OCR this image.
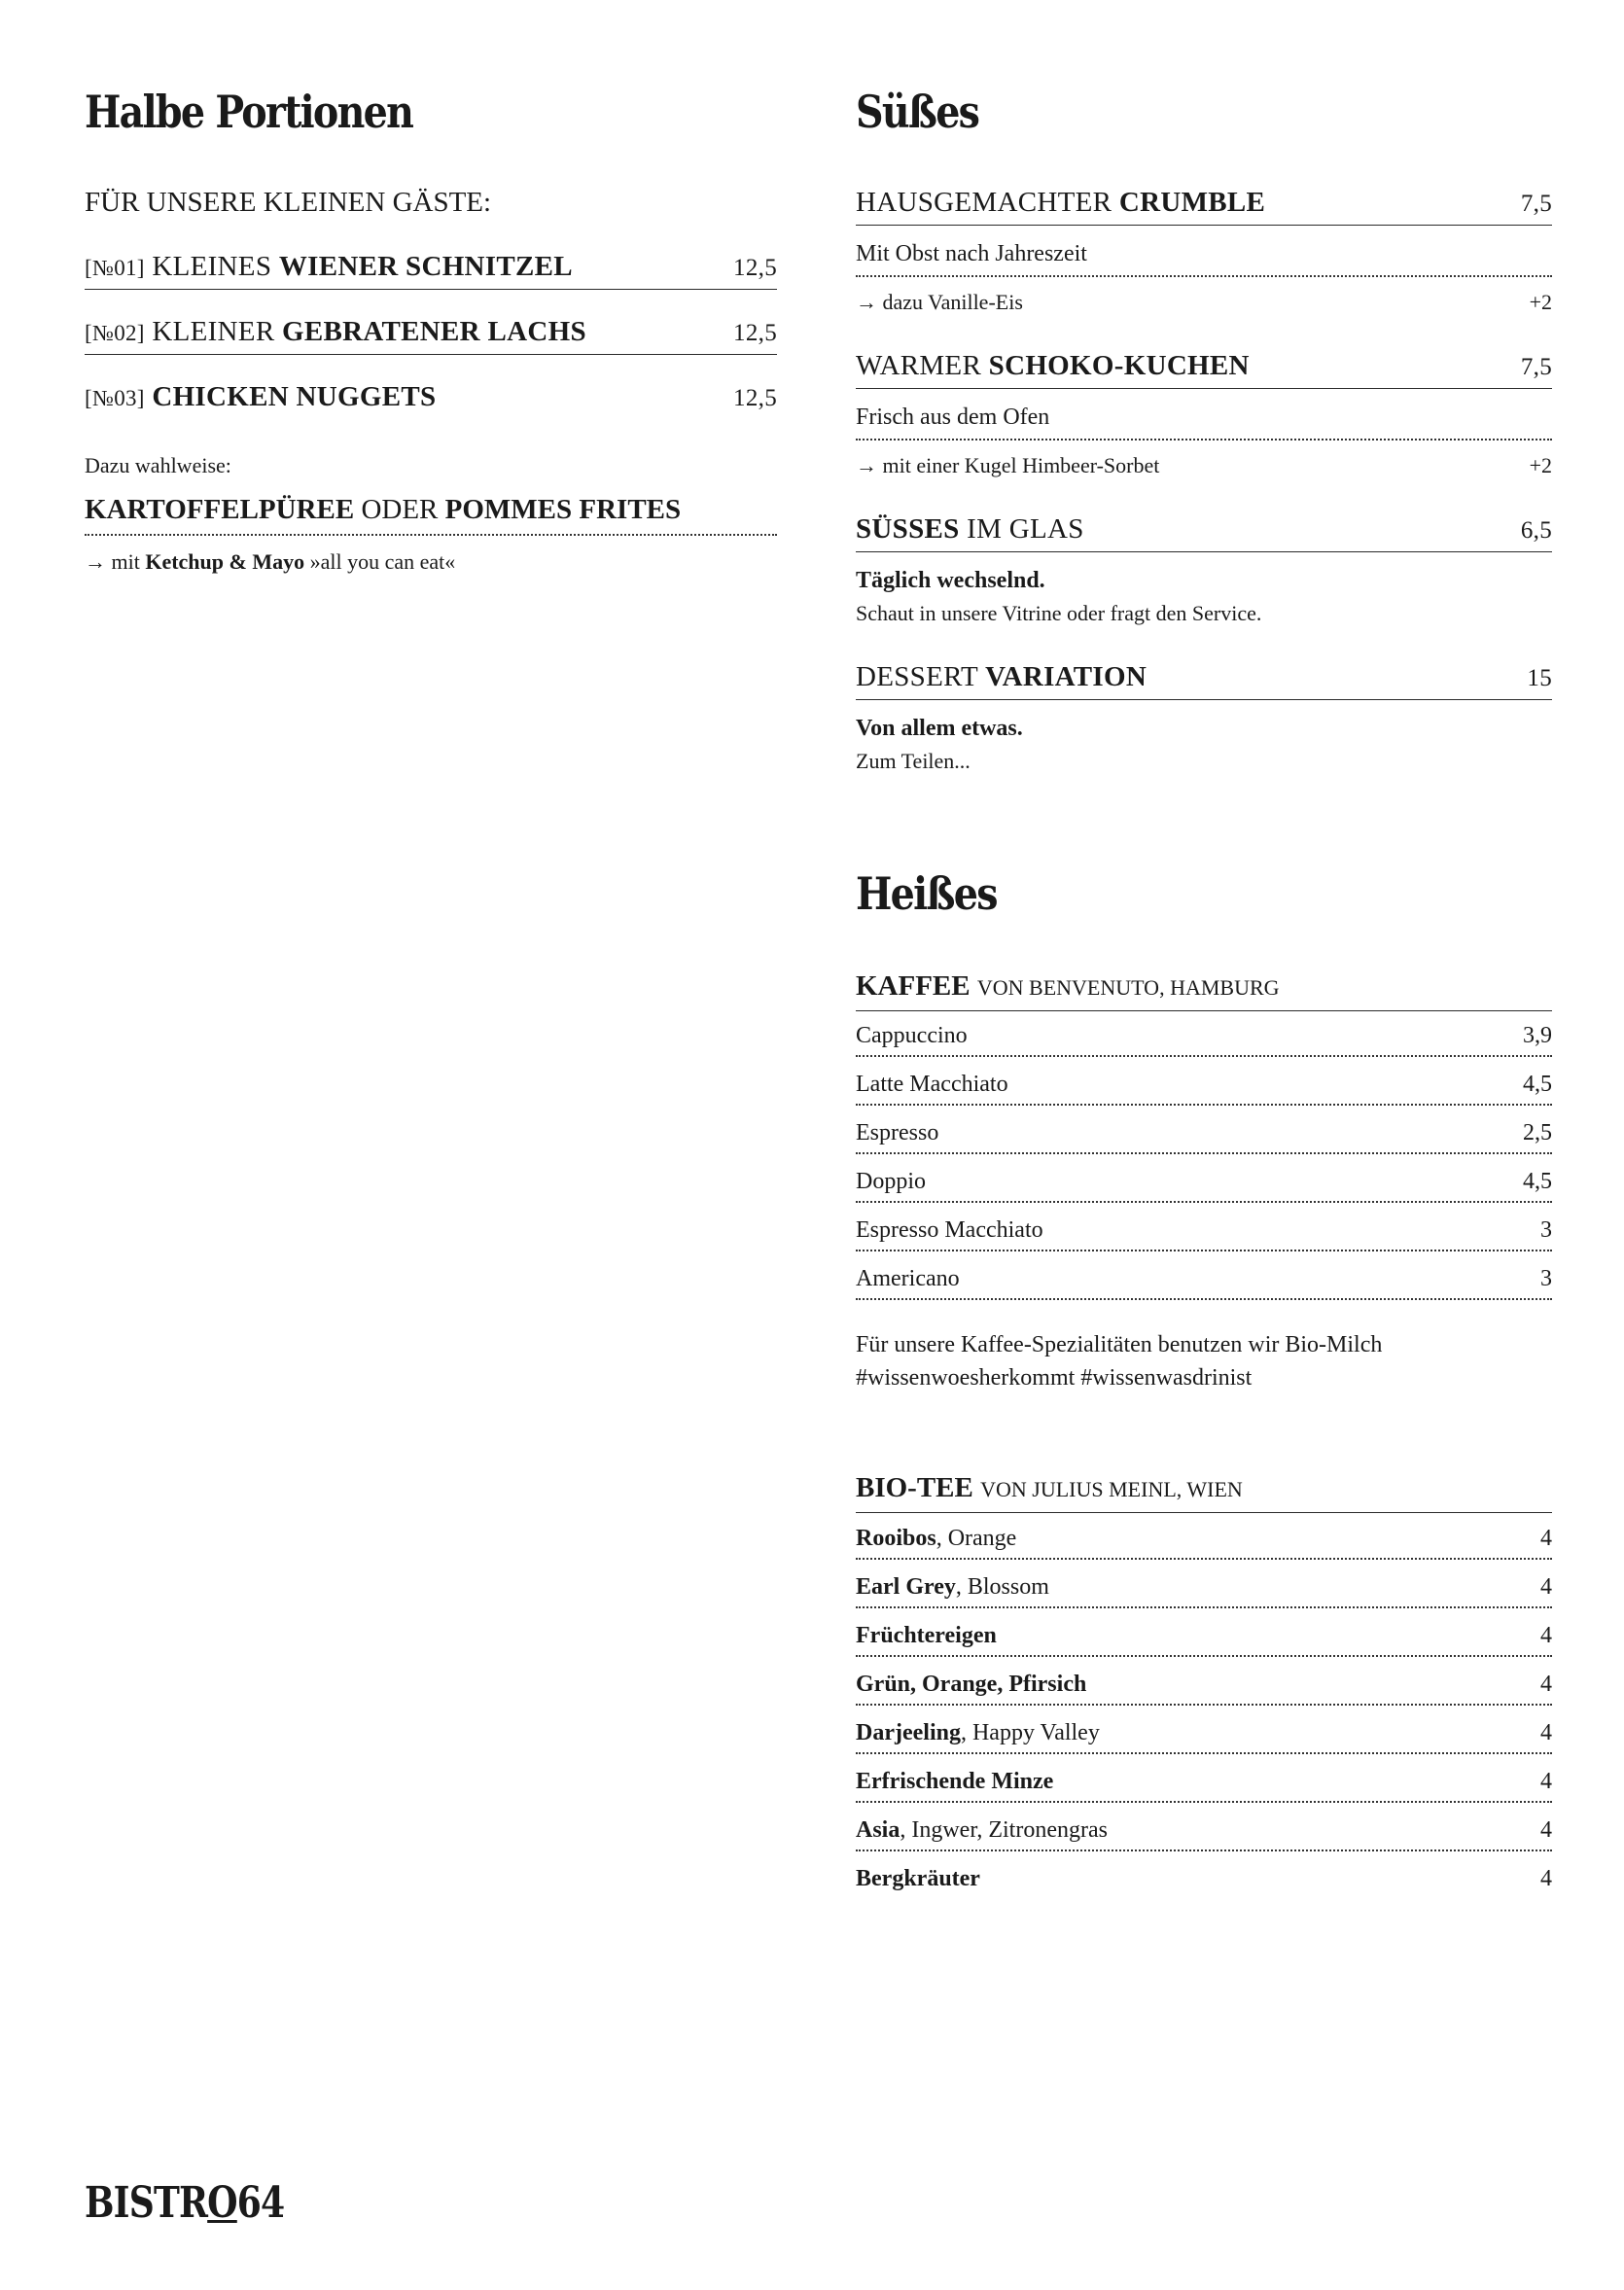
Halbe Portionen
FÜR UNSERE KLEINEN GÄSTE:
[№01] KLEINES WIENER SCHNITZEL	12,5
[№02] KLEINER GEBRATENER LACHS	12,5
[№03] CHICKEN NUGGETS	12,5
Dazu wahlweise:
KARTOFFELPÜREE ODER POMMES FRITES
→ mit Ketchup & Mayo »all you can eat«
Süßes
HAUSGEMACHTER CRUMBLE	7,5
Mit Obst nach Jahreszeit
→ dazu Vanille-Eis	+2
WARMER SCHOKO-KUCHEN	7,5
Frisch aus dem Ofen
→ mit einer Kugel Himbeer-Sorbet	+2
SÜSSES IM GLAS	6,5
Täglich wechselnd.
Schaut in unsere Vitrine oder fragt den Service.
DESSERT VARIATION	15
Von allem etwas.
Zum Teilen...
Heißes
KAFFEE VON BENVENUTO, HAMBURG
Cappuccino	3,9
Latte Macchiato	4,5
Espresso	2,5
Doppio	4,5
Espresso Macchiato	3
Americano	3
Für unsere Kaffee-Spezialitäten benutzen wir Bio-Milch
#wissenwoesherkommt #wissenwasdrinist
BIO-TEE VON JULIUS MEINL, WIEN
Rooibos, Orange	4
Earl Grey, Blossom	4
Früchtereigen	4
Grün, Orange, Pfirsich	4
Darjeeling, Happy Valley	4
Erfrischende Minze	4
Asia, Ingwer, Zitronengras	4
Bergkräuter	4
BISTRO64
